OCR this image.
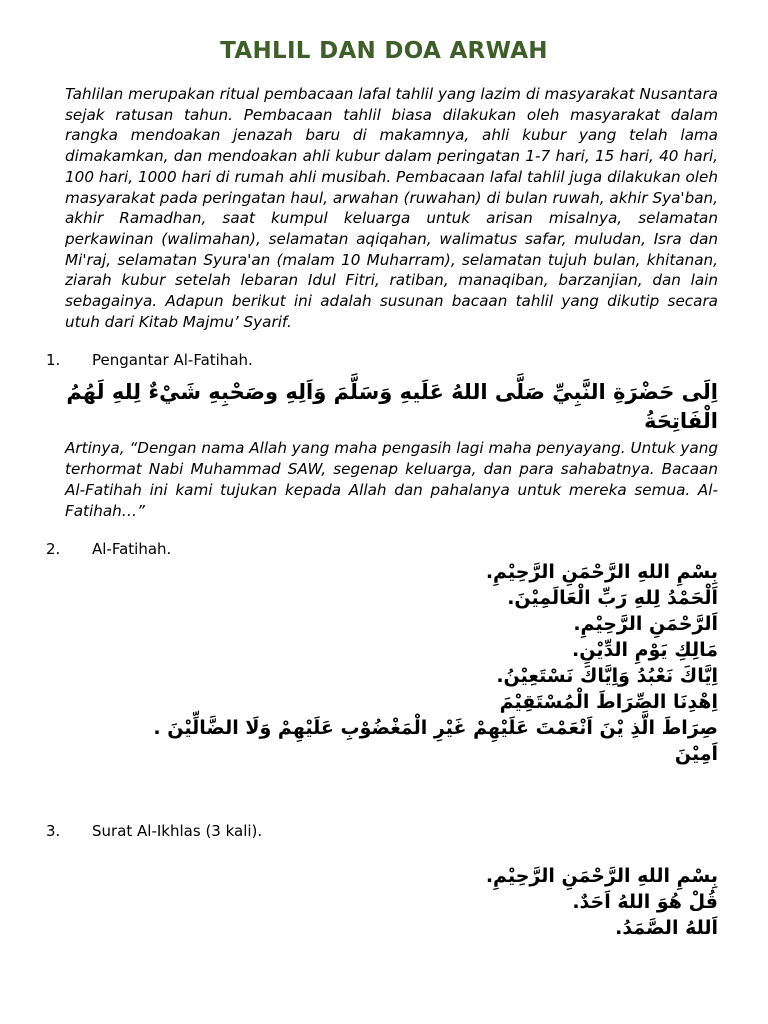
TAHLIL DAN DOA ARWAH

Tahlilan merupakan ritual pembacaan lafal tahlil yang lazim di masyarakat Nusantara sejak ratusan tahun. Pembacaan tahlil biasa dilakukan oleh masyarakat dalam rangka mendoakan jenazah baru di makamnya, ahli kubur yang telah lama dimakamkan, dan mendoakan ahli kubur dalam peringatan 1-7 hari, 15 hari, 40 hari, 100 hari, 1000 hari di rumah ahli musibah. Pembacaan lafal tahlil juga dilakukan oleh masyarakat pada peringatan haul, arwahan (ruwahan) di bulan ruwah, akhir Sya'ban, akhir Ramadhan, saat kumpul keluarga untuk arisan misalnya, selamatan perkawinan (walimahan), selamatan aqiqahan, walimatus safar, muludan, Isra dan Mi'raj, selamatan Syura'an (malam 10 Muharram), selamatan tujuh bulan, khitanan, ziarah kubur setelah lebaran Idul Fitri, ratiban, manaqiban, barzanjian, dan lain sebagainya. Adapun berikut ini adalah susunan bacaan tahlil yang dikutip secara utuh dari Kitab Majmu’ Syarif.

1.	Pengantar Al-Fatihah.
اِلَى حَضْرَةِ النَّبِيِّ صَلَّى اللهُ عَلَيهِ وَسَلَّمَ وَاَلِهِ وصَحْبِهِ شَيْءٌ لِلهِ لَهُمُ الْفَاتِحَةُ

Artinya, “Dengan nama Allah yang maha pengasih lagi maha penyayang. Untuk yang terhormat Nabi Muhammad SAW, segenap keluarga, dan para sahabatnya. Bacaan Al-Fatihah ini kami tujukan kepada Allah dan pahalanya untuk mereka semua. Al-Fatihah…”

2.	Al-Fatihah.
بِسْمِ اللهِ الرَّحْمَنِ الرَّحِيْمِ.
اَلْحَمْدُ لِلهِ رَبِّ الْعَالَمِيْنَ.
اَلرَّحْمَنِ الرَّحِيْمِ.
مَالِكِ يَوْمِ الدِّيْنِ.
اِيَّاكَ نَعْبُدُ وَاِيَّاكَ نَسْتَعِيْنُ.
اِهْدِنَا الصِّرَاطَ الْمُسْتَقِيْمَ
صِرَاطَ الَّذِ يْنَ اَنْعَمْتَ عَلَيْهِمْ غَيْرِ الْمَغْضُوْبِ عَلَيْهِمْ وَلَا الضَّالِّيْنَ .
اَمِيْنَ
3.	Surat Al-Ikhlas (3 kali).
بِسْمِ اللهِ الرَّحْمَنِ الرَّحِيْمِ.
قُلْ هُوَ اللهُ اَحَدٌ.
اَللهُ الصَّمَدُ.
